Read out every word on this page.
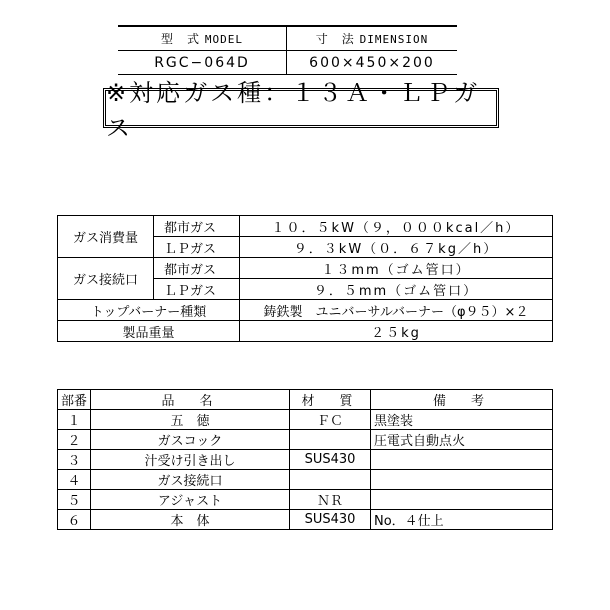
型　式 MODEL	寸　法 DIMENSION
RGC−064D	600×450×200
※対応ガス種：１３Ａ・ＬＰガス
ガス消費量	都市ガス	１０．５kW（９，０００kcal／h）
	ＬＰガス	９．３kW（０．６７kg／h）
ガス接続口	都市ガス	１３mm（ゴム管口）
	ＬＰガス	９．５mm（ゴム管口）
トップバーナー種類		鋳鉄製　ユニバーサルバーナー（φ９５）×２
製品重量		２５kg
部番	品　名	材　質	備　考
１	五　徳	ＦＣ	黒塗装
２	ガスコック		圧電式自動点火
３	汁受け引き出し	SUS430	
４	ガス接続口		
５	アジャスト	ＮＲ	
６	本　体	SUS430	No．４仕上
